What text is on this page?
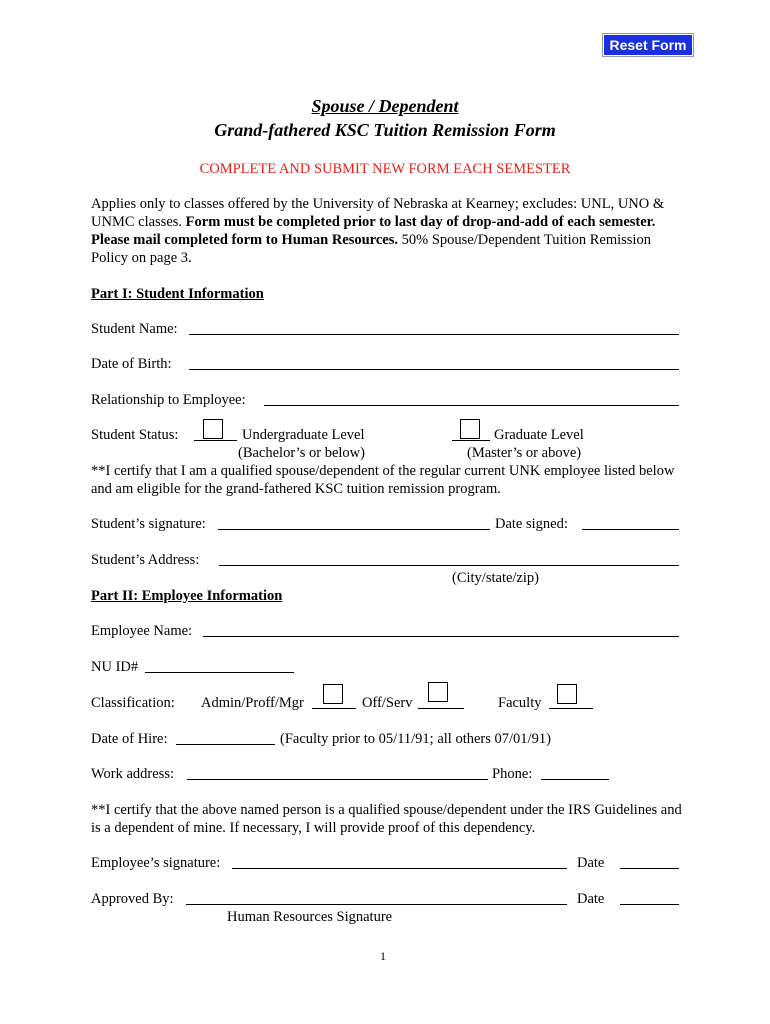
Reset Form
Spouse / Dependent
Grand-fathered KSC Tuition Remission Form
COMPLETE AND SUBMIT NEW FORM EACH SEMESTER
Applies only to classes offered by the University of Nebraska at Kearney; excludes: UNL, UNO & UNMC classes. Form must be completed prior to last day of drop-and-add of each semester. Please mail completed form to Human Resources. 50% Spouse/Dependent Tuition Remission Policy on page 3.
Part I: Student Information
Student Name:
Date of Birth:
Relationship to Employee:
Student Status:	Undergraduate Level
(Bachelor’s or below)
Graduate Level
(Master’s or above)
**I certify that I am a qualified spouse/dependent of the regular current UNK employee listed below and am eligible for the grand-fathered KSC tuition remission program.
Student’s signature:	Date signed:
Student’s Address:
(City/state/zip)
Part II: Employee Information
Employee Name:
NU ID#
Classification: Admin/Proff/Mgr	Off/Serv	Faculty
Date of Hire:	(Faculty prior to 05/11/91; all others 07/01/91)
Work address:	Phone:
**I certify that the above named person is a qualified spouse/dependent under the IRS Guidelines and is a dependent of mine. If necessary, I will provide proof of this dependency.
Employee’s signature:	Date
Approved By:	Date
Human Resources Signature
1
